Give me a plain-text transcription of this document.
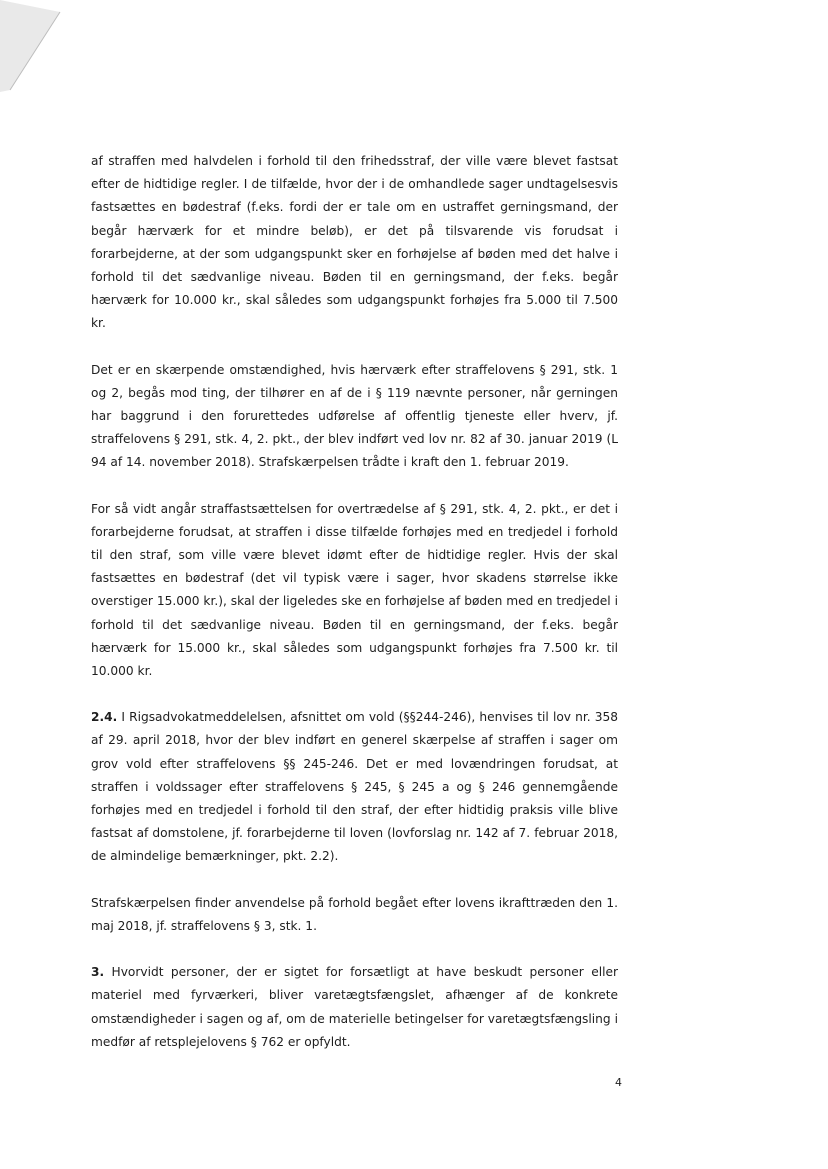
af straffen med halvdelen i forhold til den frihedsstraf, der ville være blevet fastsat efter de hidtidige regler. I de tilfælde, hvor der i de omhandlede sager undtagelsesvis fastsættes en bødestraf (f.eks. fordi der er tale om en ustraffet gerningsmand, der begår hærværk for et mindre beløb), er det på tilsvarende vis forudsat i forarbejderne, at der som udgangspunkt sker en forhøjelse af bøden med det halve i forhold til det sædvanlige niveau. Bøden til en gerningsmand, der f.eks. begår hærværk for 10.000 kr., skal således som udgangspunkt forhøjes fra 5.000 til 7.500 kr.

Det er en skærpende omstændighed, hvis hærværk efter straffelovens § 291, stk. 1 og 2, begås mod ting, der tilhører en af de i § 119 nævnte personer, når gerningen har baggrund i den forurettedes udførelse af offentlig tjeneste eller hverv, jf. straffelovens § 291, stk. 4, 2. pkt., der blev indført ved lov nr. 82 af 30. januar 2019 (L 94 af 14. november 2018). Strafskærpelsen trådte i kraft den 1. februar 2019.

For så vidt angår straffastsættelsen for overtrædelse af § 291, stk. 4, 2. pkt., er det i forarbejderne forudsat, at straffen i disse tilfælde forhøjes med en tredjedel i forhold til den straf, som ville være blevet idømt efter de hidtidige regler. Hvis der skal fastsættes en bødestraf (det vil typisk være i sager, hvor skadens størrelse ikke overstiger 15.000 kr.), skal der ligeledes ske en forhøjelse af bøden med en tredjedel i forhold til det sædvanlige niveau. Bøden til en gerningsmand, der f.eks. begår hærværk for 15.000 kr., skal således som udgangspunkt forhøjes fra 7.500 kr. til 10.000 kr.

2.4. I Rigsadvokatmeddelelsen, afsnittet om vold (§§244-246), henvises til lov nr. 358 af 29. april 2018, hvor der blev indført en generel skærpelse af straffen i sager om grov vold efter straffelovens §§ 245-246. Det er med lovændringen forudsat, at straffen i voldssager efter straffelovens § 245, § 245 a og § 246 gennemgående forhøjes med en tredjedel i forhold til den straf, der efter hidtidig praksis ville blive fastsat af domstolene, jf. forarbejderne til loven (lovforslag nr. 142 af 7. februar 2018, de almindelige bemærkninger, pkt. 2.2).

Strafskærpelsen finder anvendelse på forhold begået efter lovens ikrafttræden den 1. maj 2018, jf. straffelovens § 3, stk. 1.

3. Hvorvidt personer, der er sigtet for forsætligt at have beskudt personer eller materiel med fyrværkeri, bliver varetægtsfængslet, afhænger af de konkrete omstændigheder i sagen og af, om de materielle betingelser for varetægtsfængsling i medfør af retsplejelovens § 762 er opfyldt.

4
